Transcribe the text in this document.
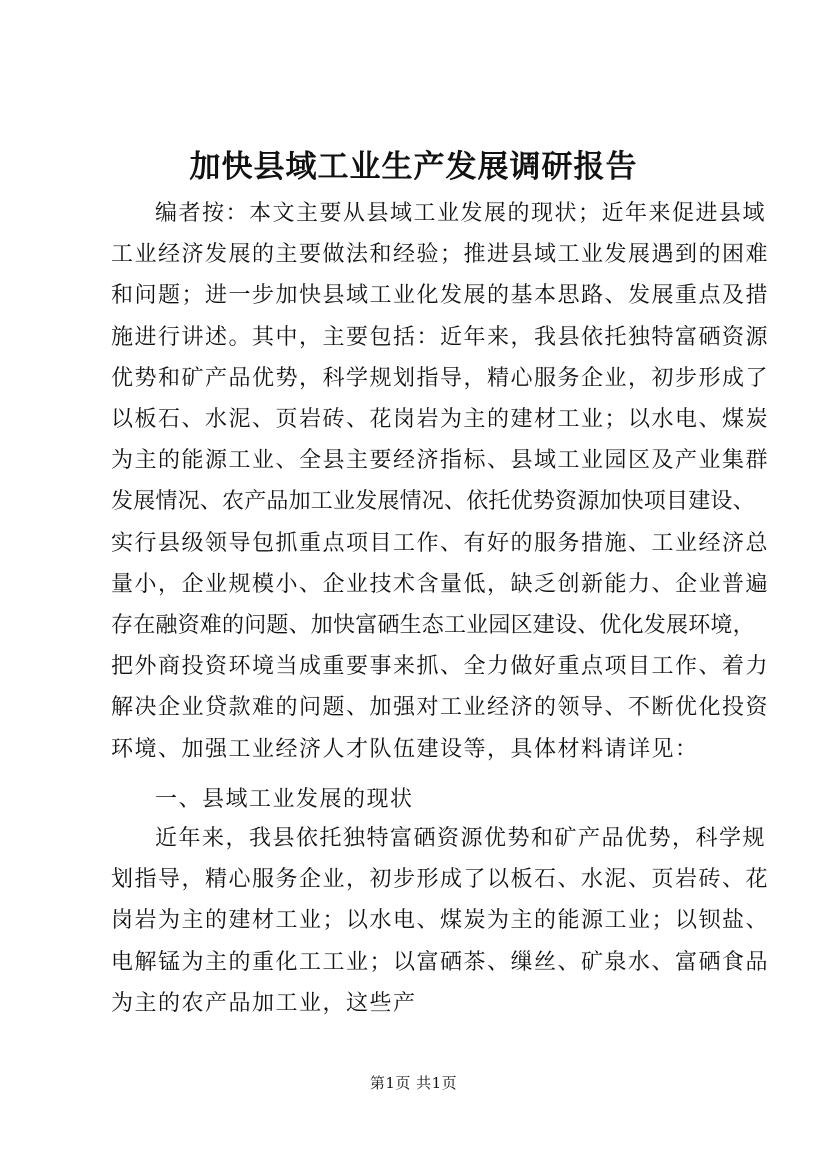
加快县域工业生产发展调研报告
编者按：本文主要从县域工业发展的现状；近年来促进县域
工业经济发展的主要做法和经验；推进县域工业发展遇到的困难
和问题；进一步加快县域工业化发展的基本思路、发展重点及措
施进行讲述。其中，主要包括：近年来，我县依托独特富硒资源
优势和矿产品优势，科学规划指导，精心服务企业，初步形成了
以板石、水泥、页岩砖、花岗岩为主的建材工业；以水电、煤炭
为主的能源工业、全县主要经济指标、县域工业园区及产业集群
发展情况、农产品加工业发展情况、依托优势资源加快项目建设、
实行县级领导包抓重点项目工作、有好的服务措施、工业经济总
量小，企业规模小、企业技术含量低，缺乏创新能力、企业普遍
存在融资难的问题、加快富硒生态工业园区建设、优化发展环境，
把外商投资环境当成重要事来抓、全力做好重点项目工作、着力
解决企业贷款难的问题、加强对工业经济的领导、不断优化投资
环境、加强工业经济人才队伍建设等，具体材料请详见：
一、县域工业发展的现状
近年来，我县依托独特富硒资源优势和矿产品优势，科学规
划指导，精心服务企业，初步形成了以板石、水泥、页岩砖、花
岗岩为主的建材工业；以水电、煤炭为主的能源工业；以钡盐、
电解锰为主的重化工工业；以富硒茶、缫丝、矿泉水、富硒食品
为主的农产品加工业，这些产
第1页 共1页
